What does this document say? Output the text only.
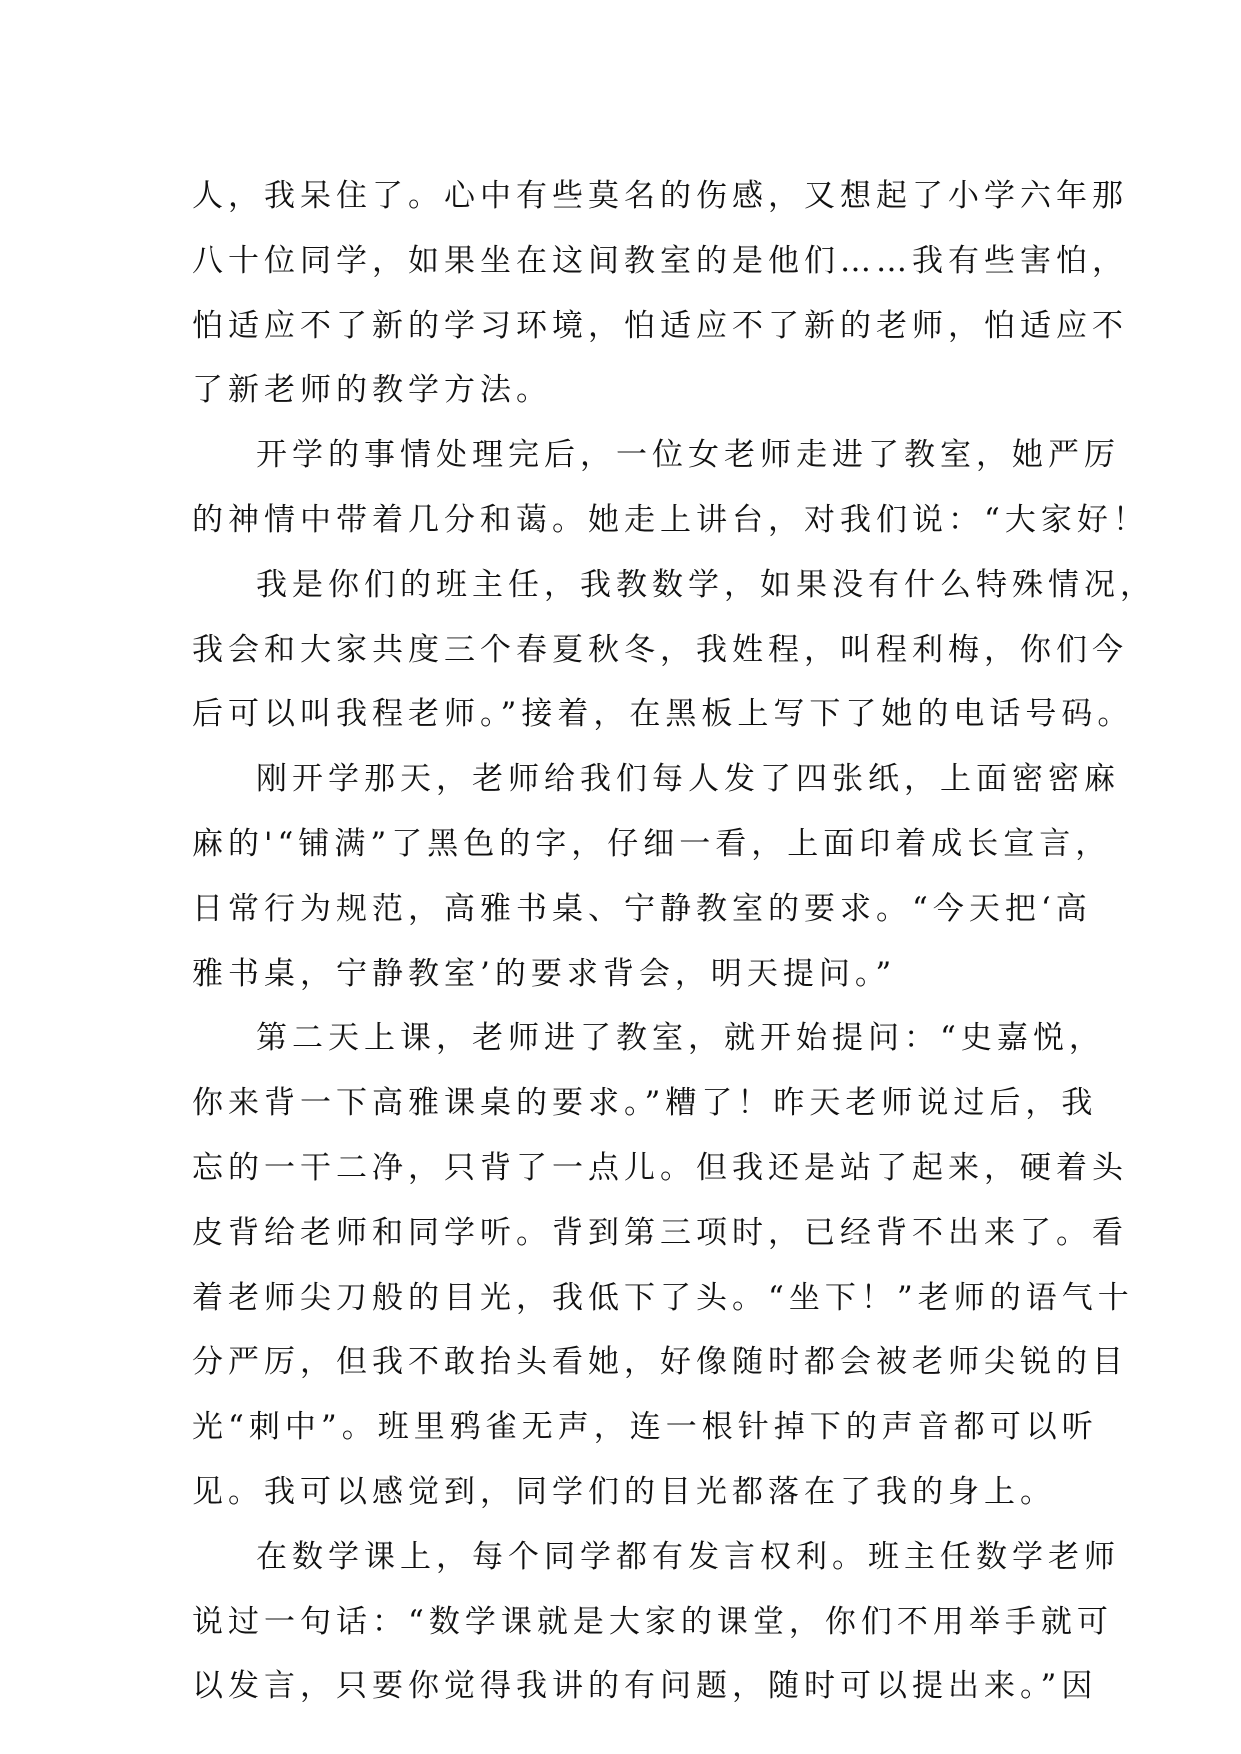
人，我呆住了。心中有些莫名的伤感，又想起了小学六年那
八十位同学，如果坐在这间教室的是他们……我有些害怕，
怕适应不了新的学习环境，怕适应不了新的老师，怕适应不
了新老师的教学方法。
开学的事情处理完后，一位女老师走进了教室，她严厉
的神情中带着几分和蔼。她走上讲台，对我们说：“大家好！
我是你们的班主任，我教数学，如果没有什么特殊情况，
我会和大家共度三个春夏秋冬，我姓程，叫程利梅，你们今
后可以叫我程老师。”接着，在黑板上写下了她的电话号码。
刚开学那天，老师给我们每人发了四张纸，上面密密麻
麻的'“铺满”了黑色的字，仔细一看，上面印着成长宣言，
日常行为规范，高雅书桌、宁静教室的要求。“今天把‘高
雅书桌，宁静教室’的要求背会，明天提问。”
第二天上课，老师进了教室，就开始提问：“史嘉悦，
你来背一下高雅课桌的要求。”糟了！昨天老师说过后，我
忘的一干二净，只背了一点儿。但我还是站了起来，硬着头
皮背给老师和同学听。背到第三项时，已经背不出来了。看
着老师尖刀般的目光，我低下了头。“坐下！”老师的语气十
分严厉，但我不敢抬头看她，好像随时都会被老师尖锐的目
光“刺中”。班里鸦雀无声，连一根针掉下的声音都可以听
见。我可以感觉到，同学们的目光都落在了我的身上。
在数学课上，每个同学都有发言权利。班主任数学老师
说过一句话：“数学课就是大家的课堂，你们不用举手就可
以发言，只要你觉得我讲的有问题，随时可以提出来。”因
